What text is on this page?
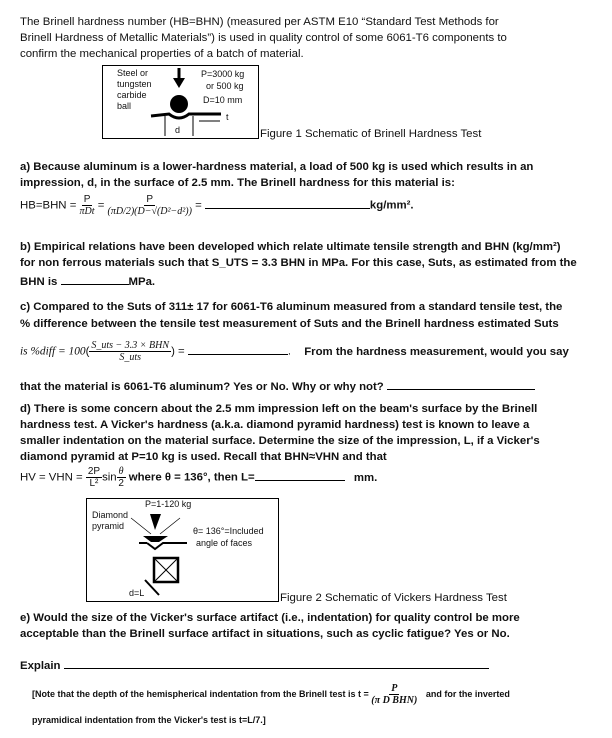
The Brinell hardness number (HB=BHN) (measured per ASTM E10 “Standard Test Methods for
Brinell Hardness of Metallic Materials”) is used in quality control of some 6061-T6 components to
confirm the mechanical properties of a batch of material.
Steel or
tungsten
carbide
ball
P=3000 kg
or 500 kg
D=10 mm
t
d	Figure 1 Schematic of Brinell Hardness Test
a) Because aluminum is a lower-hardness material, a load of 500 kg is used which results in an
impression, d, in the surface of 2.5 mm. The Brinell hardness for this material is:
$HB=BHN = \frac{P}{\text{πDt}} = \frac{P}{\text{(πD/2)(D−√(D²−d²))}}$ =	kg/mm².
b) Empirical relations have been developed which relate ultimate tensile strength and BHN (kg/mm²)
for non ferrous materials such that S_UTS = 3.3 BHN in MPa. For this case, Suts, as estimated from the
BHN is	MPa.
c) Compared to the Suts of 311± 17 for 6061-T6 aluminum measured from a standard tensile test, the
% difference between the tensile test measurement of Suts and the Brinell hardness estimated Suts
is %diff = $100( \frac{\text{S\_uts − 3.3 × BHN}}{\text{S\_uts}}$ ) =	. From the hardness measurement, would you say
that the material is 6061-T6 aluminum? Yes or No. Why or why not?
d) There is some concern about the 2.5 mm impression left on the beam's surface by the Brinell
hardness test. A Vicker's hardness (a.k.a. diamond pyramid hardness) test is known to leave a
smaller indentation on the material surface. Determine the size of the impression, L, if a Vicker's
diamond pyramid at P=10 kg is used. Recall that BHN≈VHN and that
HV = VHN = $\frac{2P}{\text{L²}}$ $\sin \frac{\theta}{2}$ where θ = 136°, then L=	mm.
P=1-120 kg
Diamond
pyramid	θ= 136°=Included
angle of faces
d=L	Figure 2 Schematic of Vickers Hardness Test
e) Would the size of the Vicker's surface artifact (i.e., indentation) for quality control be more
acceptable than the Brinell surface artifact in situations, such as cyclic fatigue? Yes or No.
Explain
[Note that the depth of the hemispherical indentation from the Brinell test is $t = \frac{P}{\text{(π D BHN)}}$ and for the inverted
pyramidical indentation from the Vicker's test is t=L/7.]
